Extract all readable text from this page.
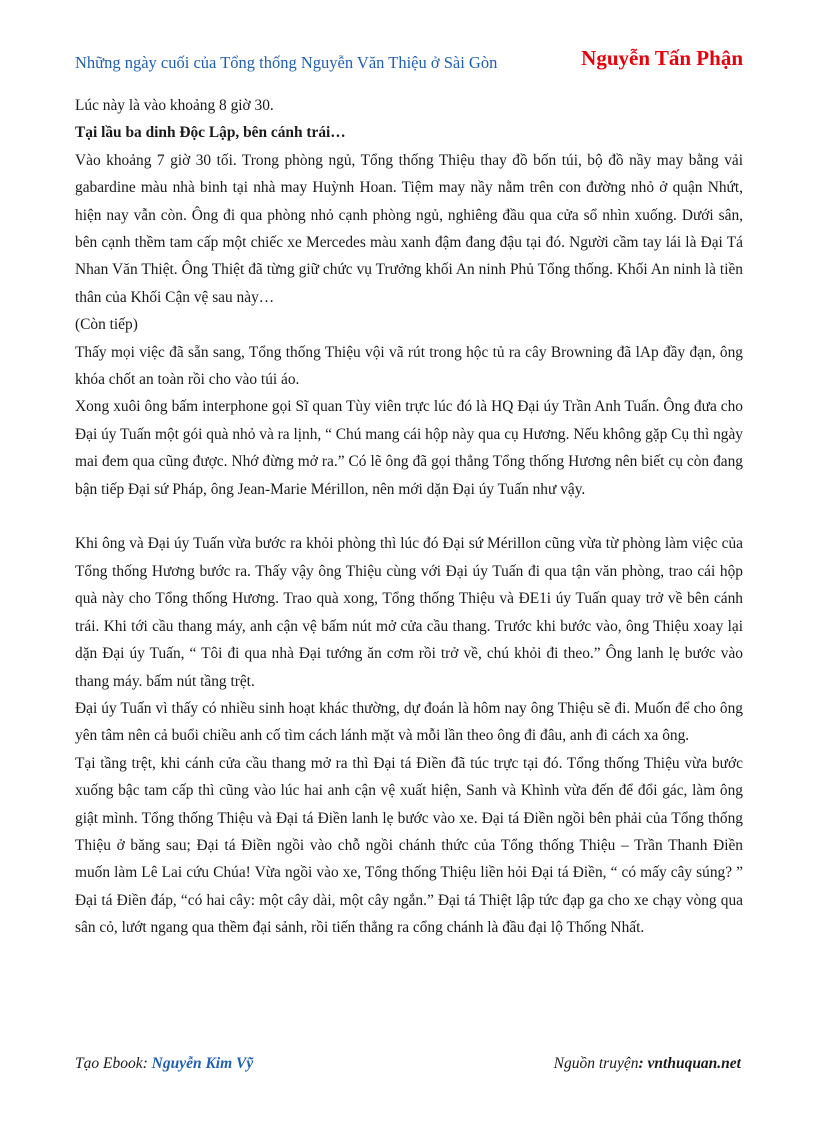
Những ngày cuối của Tổng thống Nguyễn Văn Thiệu ở Sài Gòn	Nguyễn Tấn Phận

Lúc này là vào khoảng 8 giờ 30.

Tại lầu ba dinh Độc Lập, bên cánh trái…

Vào khoảng 7 giờ 30 tối. Trong phòng ngủ, Tổng thống Thiệu thay đồ bốn túi, bộ đồ nầy may bằng vải gabardine màu nhà binh tại nhà may Huỳnh Hoan. Tiệm may nầy nằm trên con đường nhỏ ở quận Nhứt, hiện nay vẫn còn. Ông đi qua phòng nhỏ cạnh phòng ngủ, nghiêng đầu qua cửa sổ nhìn xuống. Dưới sân, bên cạnh thềm tam cấp một chiếc xe Mercedes màu xanh đậm đang đậu tại đó. Người cầm tay lái là Đại Tá Nhan Văn Thiệt. Ông Thiệt đã từng giữ chức vụ Trưởng khối An ninh Phủ Tổng thống. Khối An ninh là tiền thân của Khối Cận vệ sau này…

(Còn tiếp)

Thấy mọi việc đã sẵn sang, Tổng thống Thiệu vội vã rút trong hộc tủ ra cây Browning đã lAp đầy đạn, ông khóa chốt an toàn rồi cho vào túi áo.

Xong xuôi ông bấm interphone gọi Sĩ quan Tùy viên trực lúc đó là HQ Đại úy Trần Anh Tuấn. Ông đưa cho Đại úy Tuấn một gói quà nhỏ và ra lịnh, “ Chú mang cái hộp này qua cụ Hương. Nếu không gặp Cụ thì ngày mai đem qua cũng được. Nhớ đừng mở ra.” Có lẽ ông đã gọi thẳng Tổng thống Hương nên biết cụ còn đang bận tiếp Đại sứ Pháp, ông Jean-Marie Mérillon, nên mới dặn Đại úy Tuấn như vậy.

Khi ông và Đại úy Tuấn vừa bước ra khỏi phòng thì lúc đó Đại sứ Mérillon cũng vừa từ phòng làm việc của Tổng thống Hương bước ra. Thấy vậy ông Thiệu cùng với Đại úy Tuấn đi qua tận văn phòng, trao cái hộp quà này cho Tổng thống Hương. Trao quà xong, Tổng thống Thiệu và ĐE1i úy Tuấn quay trở về bên cánh trái. Khi tới cầu thang máy, anh cận vệ bấm nút mở cửa cầu thang. Trước khi bước vào, ông Thiệu xoay lại dặn Đại úy Tuấn, “ Tôi đi qua nhà Đại tướng ăn cơm rồi trở về, chú khỏi đi theo.” Ông lanh lẹ bước vào thang máy. bấm nút tầng trệt.

Đại úy Tuấn vì thấy có nhiều sinh hoạt khác thường, dự đoán là hôm nay ông Thiệu sẽ đi. Muốn để cho ông yên tâm nên cả buổi chiều anh cố tìm cách lánh mặt và mỗi lần theo ông đi đâu, anh đi cách xa ông.

Tại tầng trệt, khi cánh cửa cầu thang mở ra thì Đại tá Điền đã túc trực tại đó. Tổng thống Thiệu vừa bước xuống bậc tam cấp thì cũng vào lúc hai anh cận vệ xuất hiện, Sanh và Khình vừa đến để đổi gác, làm ông giật mình. Tổng thống Thiệu và Đại tá Điền lanh lẹ bước vào xe. Đại tá Điền ngồi bên phải của Tổng thống Thiệu ở băng sau; Đại tá Điền ngồi vào chỗ ngồi chánh thức của Tổng thống Thiệu – Trần Thanh Điền muốn làm Lê Lai cứu Chúa! Vừa ngồi vào xe, Tổng thống Thiệu liền hỏi Đại tá Điền, “ có mấy cây súng? ” Đại tá Điền đáp, “có hai cây: một cây dài, một cây ngắn.” Đại tá Thiệt lập tức đạp ga cho xe chạy vòng qua sân cỏ, lướt ngang qua thềm đại sảnh, rồi tiến thẳng ra cổng chánh là đầu đại lộ Thống Nhất.

Tạo Ebook: Nguyễn Kim Vỹ	Nguồn truyện: vnthuquan.net
